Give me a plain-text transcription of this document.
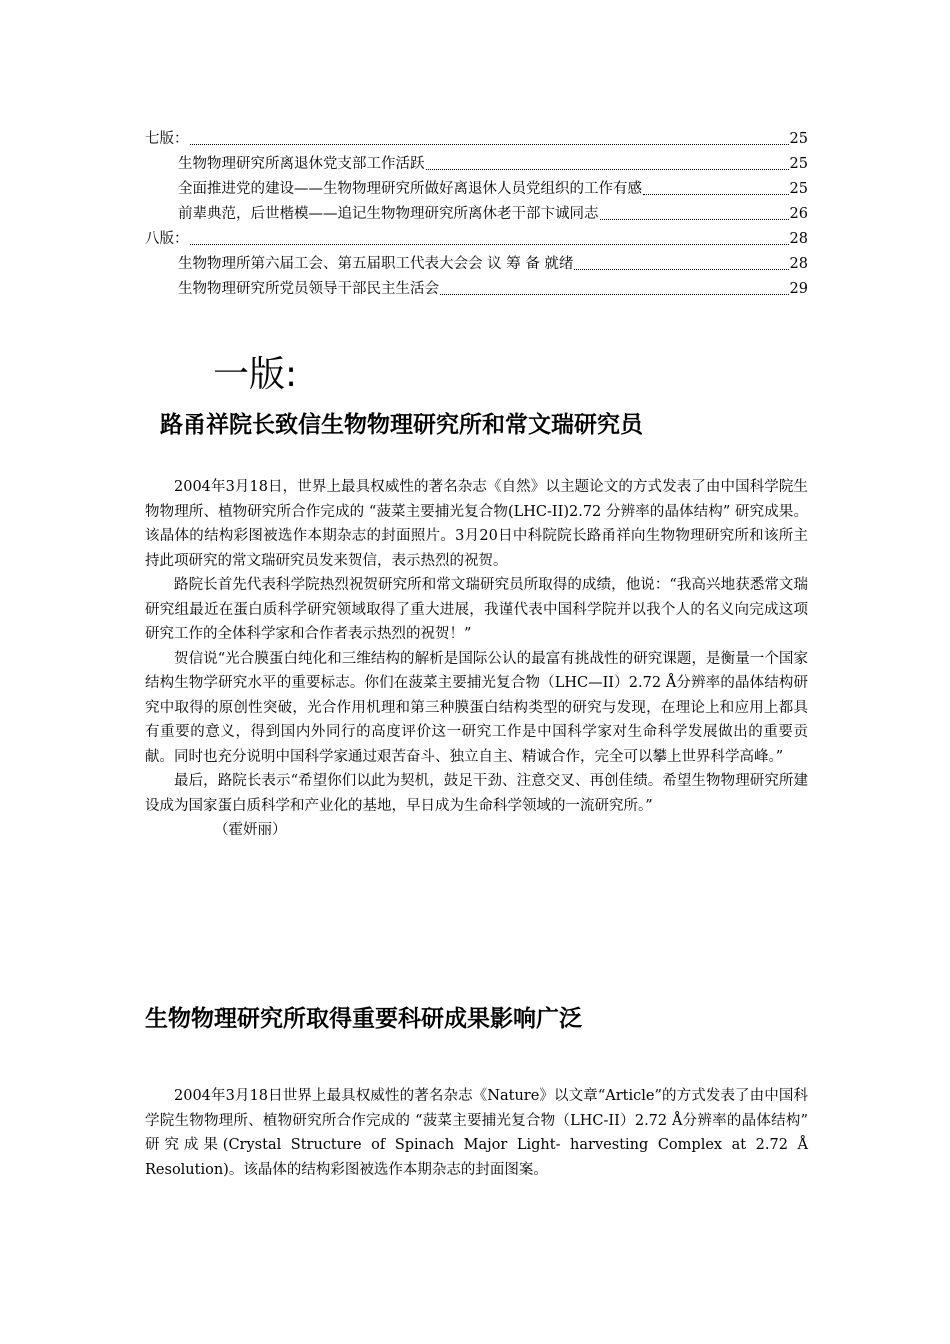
七版：	25
生物物理研究所离退休党支部工作活跃	25
全面推进党的建设——生物物理研究所做好离退休人员党组织的工作有感	25
前辈典范，后世楷模——追记生物物理研究所离休老干部卞诚同志	26
八版：	28
生物物理所第六届工会、第五届职工代表大会会 议 筹 备 就绪	28
生物物理研究所党员领导干部民主生活会	29
一版:
路甬祥院长致信生物物理研究所和常文瑞研究员

2004年3月18日，世界上最具权威性的著名杂志《自然》以主题论文的方式发表了由中国科学院生物物理所、植物研究所合作完成的 “菠菜主要捕光复合物(LHC-II)2.72 分辨率的晶体结构” 研究成果。该晶体的结构彩图被选作本期杂志的封面照片。3月20日中科院院长路甬祥向生物物理研究所和该所主持此项研究的常文瑞研究员发来贺信，表示热烈的祝贺。

路院长首先代表科学院热烈祝贺研究所和常文瑞研究员所取得的成绩，他说：“我高兴地获悉常文瑞研究组最近在蛋白质科学研究领域取得了重大进展，我谨代表中国科学院并以我个人的名义向完成这项研究工作的全体科学家和合作者表示热烈的祝贺！”

贺信说“光合膜蛋白纯化和三维结构的解析是国际公认的最富有挑战性的研究课题，是衡量一个国家结构生物学研究水平的重要标志。你们在菠菜主要捕光复合物（LHC—II）2.72 Å分辨率的晶体结构研究中取得的原创性突破，光合作用机理和第三种膜蛋白结构类型的研究与发现，在理论上和应用上都具有重要的意义，得到国内外同行的高度评价这一研究工作是中国科学家对生命科学发展做出的重要贡献。同时也充分说明中国科学家通过艰苦奋斗、独立自主、精诚合作，完全可以攀上世界科学高峰。”

最后，路院长表示“希望你们以此为契机，鼓足干劲、注意交叉、再创佳绩。希望生物物理研究所建设成为国家蛋白质科学和产业化的基地，早日成为生命科学领域的一流研究所。”

（霍妍丽）

生物物理研究所取得重要科研成果影响广泛

2004年3月18日世界上最具权威性的著名杂志《Nature》以文章“Article”的方式发表了由中国科学院生物物理所、植物研究所合作完成的 “菠菜主要捕光复合物（LHC-II）2.72 Å分辨率的晶体结构” 研究成果(Crystal Structure of Spinach Major Light- harvesting Complex at 2.72 Å Resolution)。该晶体的结构彩图被选作本期杂志的封面图案。
